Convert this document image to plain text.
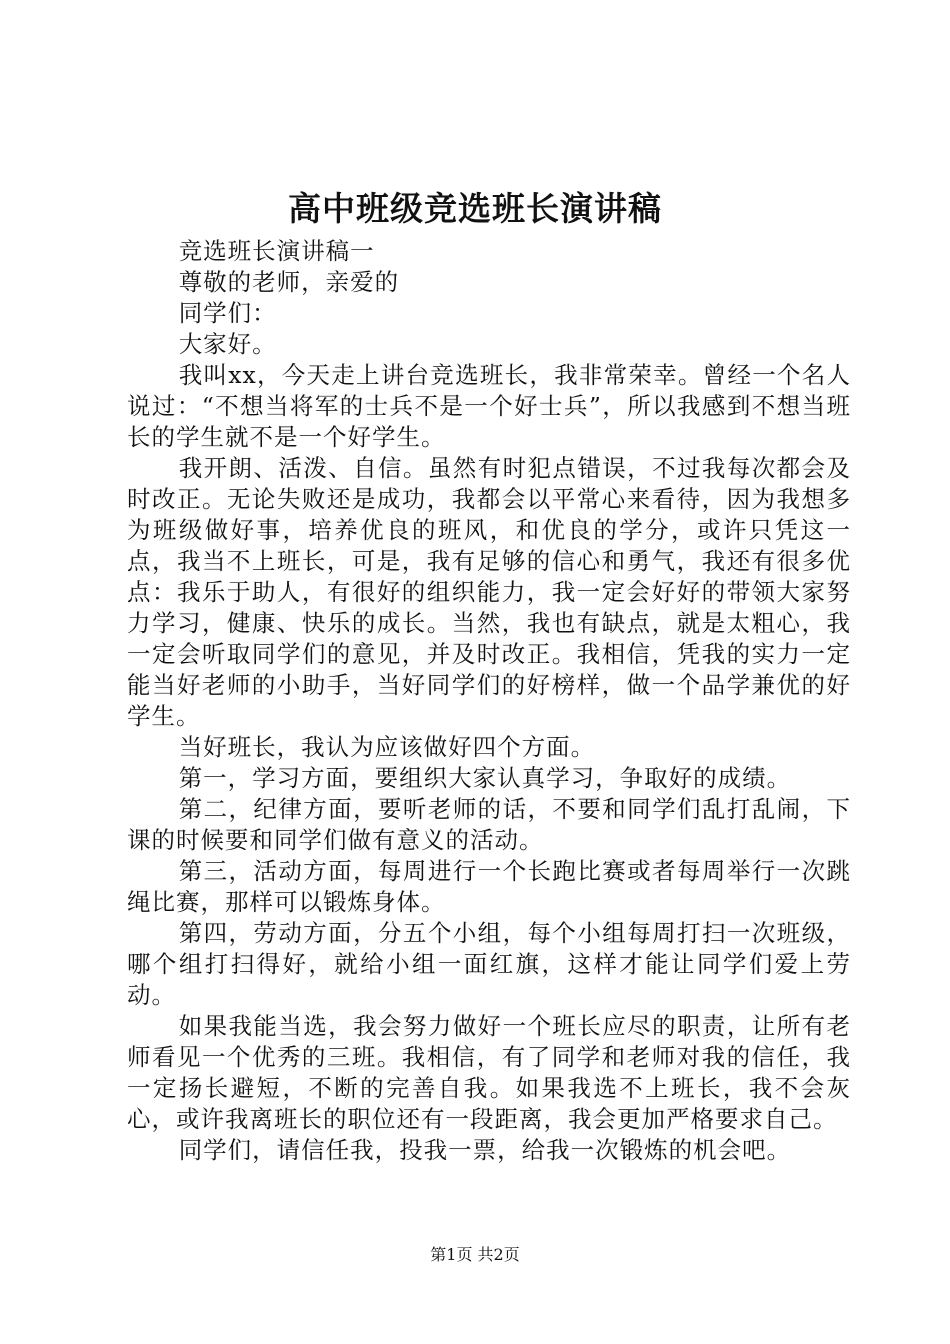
高中班级竞选班长演讲稿

竞选班长演讲稿一

尊敬的老师，亲爱的

同学们：

大家好。

我叫xx，今天走上讲台竞选班长，我非常荣幸。曾经一个名人说过：“不想当将军的士兵不是一个好士兵”，所以我感到不想当班长的学生就不是一个好学生。

我开朗、活泼、自信。虽然有时犯点错误，不过我每次都会及时改正。无论失败还是成功，我都会以平常心来看待，因为我想多为班级做好事，培养优良的班风，和优良的学分，或许只凭这一点，我当不上班长，可是，我有足够的信心和勇气，我还有很多优点：我乐于助人，有很好的组织能力，我一定会好好的带领大家努力学习，健康、快乐的成长。当然，我也有缺点，就是太粗心，我一定会听取同学们的意见，并及时改正。我相信，凭我的实力一定能当好老师的小助手，当好同学们的好榜样，做一个品学兼优的好学生。

当好班长，我认为应该做好四个方面。

第一，学习方面，要组织大家认真学习，争取好的成绩。

第二，纪律方面，要听老师的话，不要和同学们乱打乱闹，下课的时候要和同学们做有意义的活动。

第三，活动方面，每周进行一个长跑比赛或者每周举行一次跳绳比赛，那样可以锻炼身体。

第四，劳动方面，分五个小组，每个小组每周打扫一次班级，哪个组打扫得好，就给小组一面红旗，这样才能让同学们爱上劳动。

如果我能当选，我会努力做好一个班长应尽的职责，让所有老师看见一个优秀的三班。我相信，有了同学和老师对我的信任，我一定扬长避短，不断的完善自我。如果我选不上班长，我不会灰心，或许我离班长的职位还有一段距离，我会更加严格要求自己。

同学们，请信任我，投我一票，给我一次锻炼的机会吧。

第1页 共2页
